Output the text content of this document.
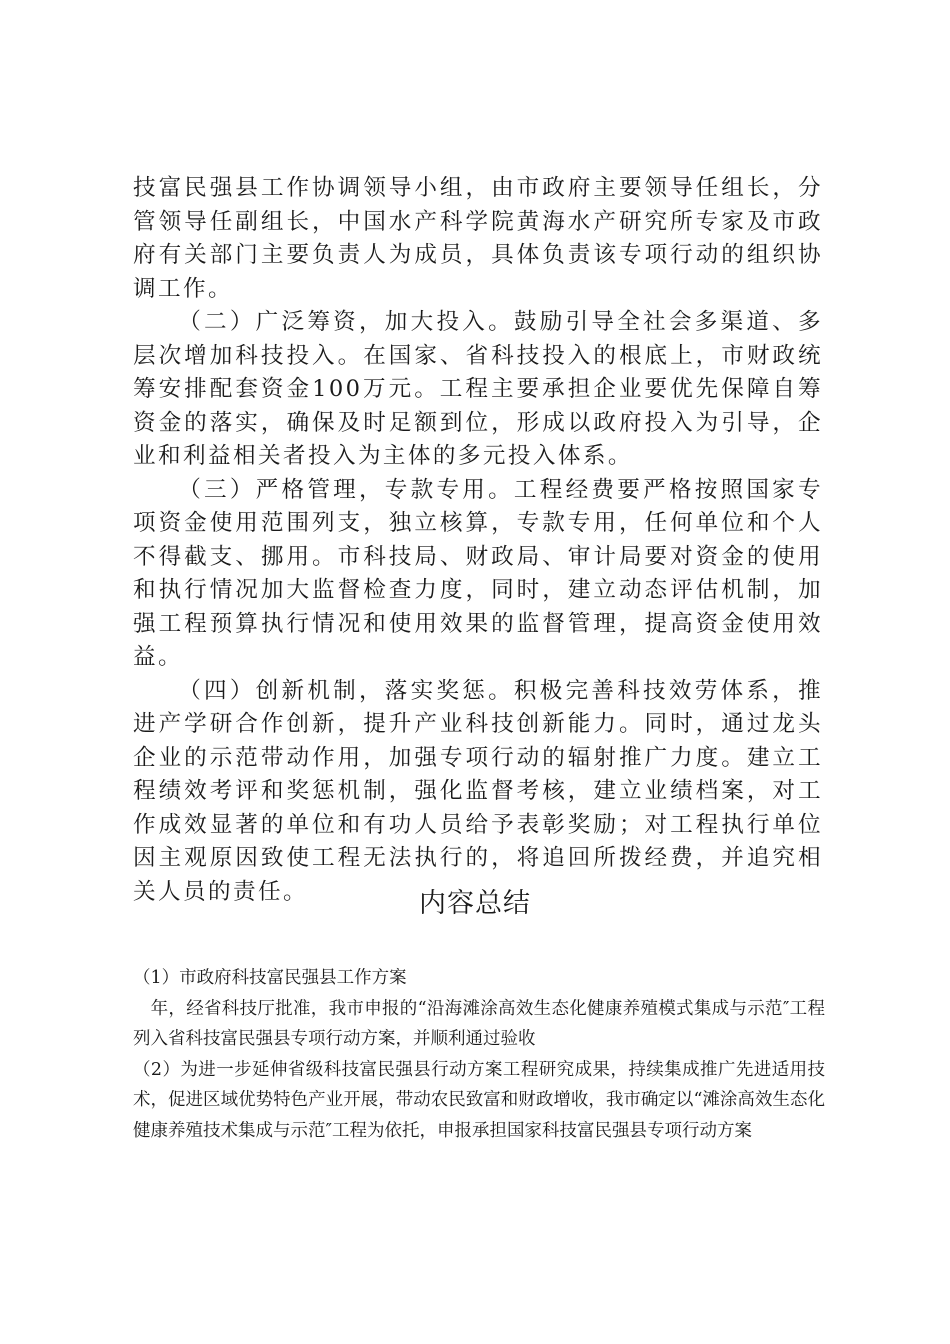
技富民强县工作协调领导小组，由市政府主要领导任组长，分管领导任副组长，中国水产科学院黄海水产研究所专家及市政府有关部门主要负责人为成员，具体负责该专项行动的组织协调工作。

（二）广泛筹资，加大投入。鼓励引导全社会多渠道、多层次增加科技投入。在国家、省科技投入的根底上，市财政统筹安排配套资金100万元。工程主要承担企业要优先保障自筹资金的落实，确保及时足额到位，形成以政府投入为引导，企业和利益相关者投入为主体的多元投入体系。

（三）严格管理，专款专用。工程经费要严格按照国家专项资金使用范围列支，独立核算，专款专用，任何单位和个人不得截支、挪用。市科技局、财政局、审计局要对资金的使用和执行情况加大监督检查力度，同时，建立动态评估机制，加强工程预算执行情况和使用效果的监督管理，提高资金使用效益。

（四）创新机制，落实奖惩。积极完善科技效劳体系，推进产学研合作创新，提升产业科技创新能力。同时，通过龙头企业的示范带动作用，加强专项行动的辐射推广力度。建立工程绩效考评和奖惩机制，强化监督考核，建立业绩档案，对工作成效显著的单位和有功人员给予表彰奖励；对工程执行单位因主观原因致使工程无法执行的，将追回所拨经费，并追究相关人员的责任。	内容总结

（1）市政府科技富民强县工作方案

年，经省科技厅批准，我市申报的“沿海滩涂高效生态化健康养殖模式集成与示范″工程列入省科技富民强县专项行动方案，并顺利通过验收

（2）为进一步延伸省级科技富民强县行动方案工程研究成果，持续集成推广先进适用技术，促进区域优势特色产业开展，带动农民致富和财政增收，我市确定以“滩涂高效生态化健康养殖技术集成与示范″工程为依托，申报承担国家科技富民强县专项行动方案
